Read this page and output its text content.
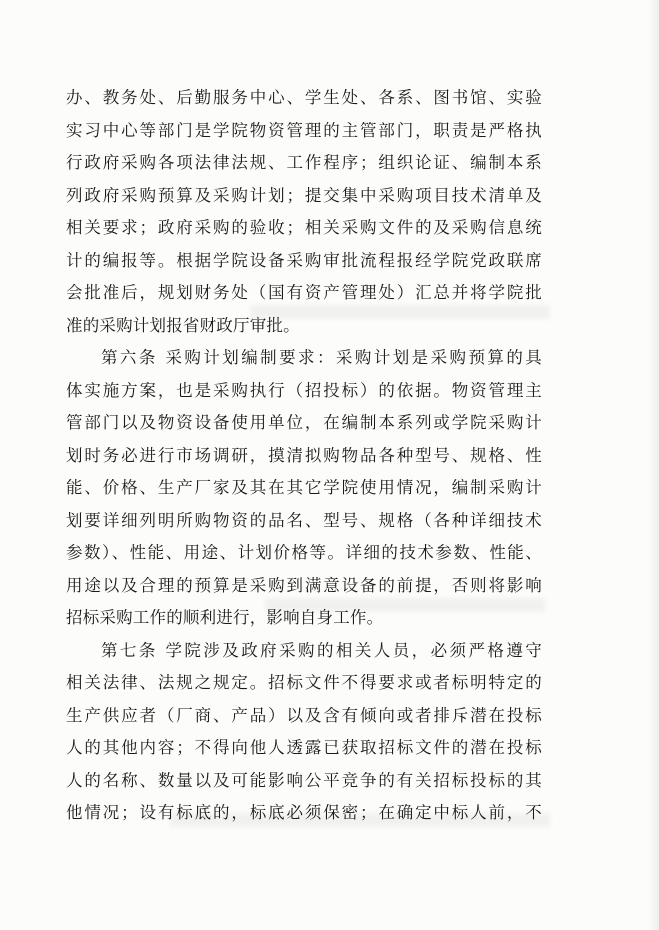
办、教务处、后勤服务中心、学生处、各系、图书馆、实验
实习中心等部门是学院物资管理的主管部门，职责是严格执
行政府采购各项法律法规、工作程序；组织论证、编制本系
列政府采购预算及采购计划；提交集中采购项目技术清单及
相关要求；政府采购的验收；相关采购文件的及采购信息统
计的编报等。根据学院设备采购审批流程报经学院党政联席
会批准后，规划财务处（国有资产管理处）汇总并将学院批
准的采购计划报省财政厅审批。
第六条 采购计划编制要求：采购计划是采购预算的具
体实施方案，也是采购执行（招投标）的依据。物资管理主
管部门以及物资设备使用单位，在编制本系列或学院采购计
划时务必进行市场调研，摸清拟购物品各种型号、规格、性
能、价格、生产厂家及其在其它学院使用情况，编制采购计
划要详细列明所购物资的品名、型号、规格（各种详细技术
参数）、性能、用途、计划价格等。详细的技术参数、性能、
用途以及合理的预算是采购到满意设备的前提，否则将影响
招标采购工作的顺利进行，影响自身工作。
第七条 学院涉及政府采购的相关人员，必须严格遵守
相关法律、法规之规定。招标文件不得要求或者标明特定的
生产供应者（厂商、产品）以及含有倾向或者排斥潜在投标
人的其他内容；不得向他人透露已获取招标文件的潜在投标
人的名称、数量以及可能影响公平竞争的有关招标投标的其
他情况；设有标底的，标底必须保密；在确定中标人前，不
